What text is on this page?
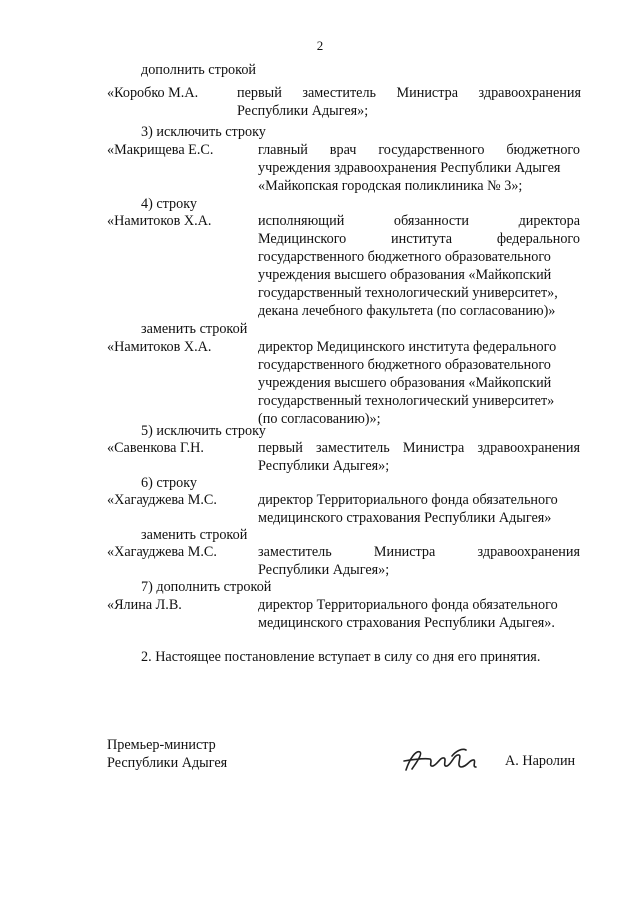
2
дополнить строкой
«Коробко М.А.	первый заместитель Министра здравоохранения
Республики Адыгея»;
3) исключить строку
«Макрищева Е.С.	главный врач государственного бюджетного
учреждения здравоохранения Республики Адыгея
«Майкопская городская поликлиника № 3»;
4) строку
«Намитоков Х.А.	исполняющий обязанности директора
Медицинского института федерального
государственного бюджетного образовательного
учреждения высшего образования «Майкопский
государственный технологический университет»,
декана лечебного факультета (по согласованию)»
заменить строкой
«Намитоков Х.А.	директор Медицинского института федерального
государственного бюджетного образовательного
учреждения высшего образования «Майкопский
государственный технологический университет»
(по согласованию)»;
5) исключить строку
«Савенкова Г.Н.	первый заместитель Министра здравоохранения
Республики Адыгея»;
6) строку
«Хагауджева М.С.	директор Территориального фонда обязательного
медицинского страхования Республики Адыгея»
заменить строкой
«Хагауджева М.С.	заместитель Министра здравоохранения
Республики Адыгея»;
7) дополнить строкой
«Ялина Л.В.	директор Территориального фонда обязательного
медицинского страхования Республики Адыгея».
2. Настоящее постановление вступает в силу со дня его принятия.
Премьер-министр
Республики Адыгея	А. Наролин
